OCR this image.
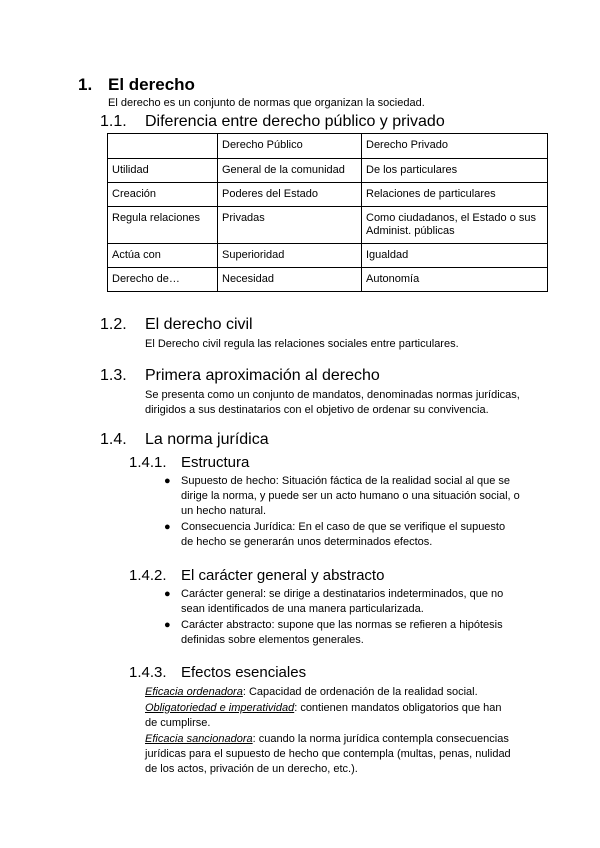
1. El derecho
El derecho es un conjunto de normas que organizan la sociedad.
1.1. Diferencia entre derecho público y privado
	Derecho Público	Derecho Privado
Utilidad	General de la comunidad	De los particulares
Creación	Poderes del Estado	Relaciones de particulares
Regula relaciones	Privadas	Como ciudadanos, el Estado o sus Administ. públicas
Actúa con	Superioridad	Igualdad
Derecho de…	Necesidad	Autonomía
1.2. El derecho civil
El Derecho civil regula las relaciones sociales entre particulares.
1.3. Primera aproximación al derecho
Se presenta como un conjunto de mandatos, denominadas normas jurídicas,
dirigidos a sus destinatarios con el objetivo de ordenar su convivencia.
1.4. La norma jurídica
1.4.1. Estructura
● Supuesto de hecho: Situación fáctica de la realidad social al que se
dirige la norma, y puede ser un acto humano o una situación social, o
un hecho natural.
● Consecuencia Jurídica: En el caso de que se verifique el supuesto
de hecho se generarán unos determinados efectos.
1.4.2. El carácter general y abstracto
● Carácter general: se dirige a destinatarios indeterminados, que no
sean identificados de una manera particularizada.
● Carácter abstracto: supone que las normas se refieren a hipótesis
definidas sobre elementos generales.
1.4.3. Efectos esenciales
Eficacia ordenadora: Capacidad de ordenación de la realidad social.
Obligatoriedad e imperatividad: contienen mandatos obligatorios que han
de cumplirse.
Eficacia sancionadora: cuando la norma jurídica contempla consecuencias
jurídicas para el supuesto de hecho que contempla (multas, penas, nulidad
de los actos, privación de un derecho, etc.).
